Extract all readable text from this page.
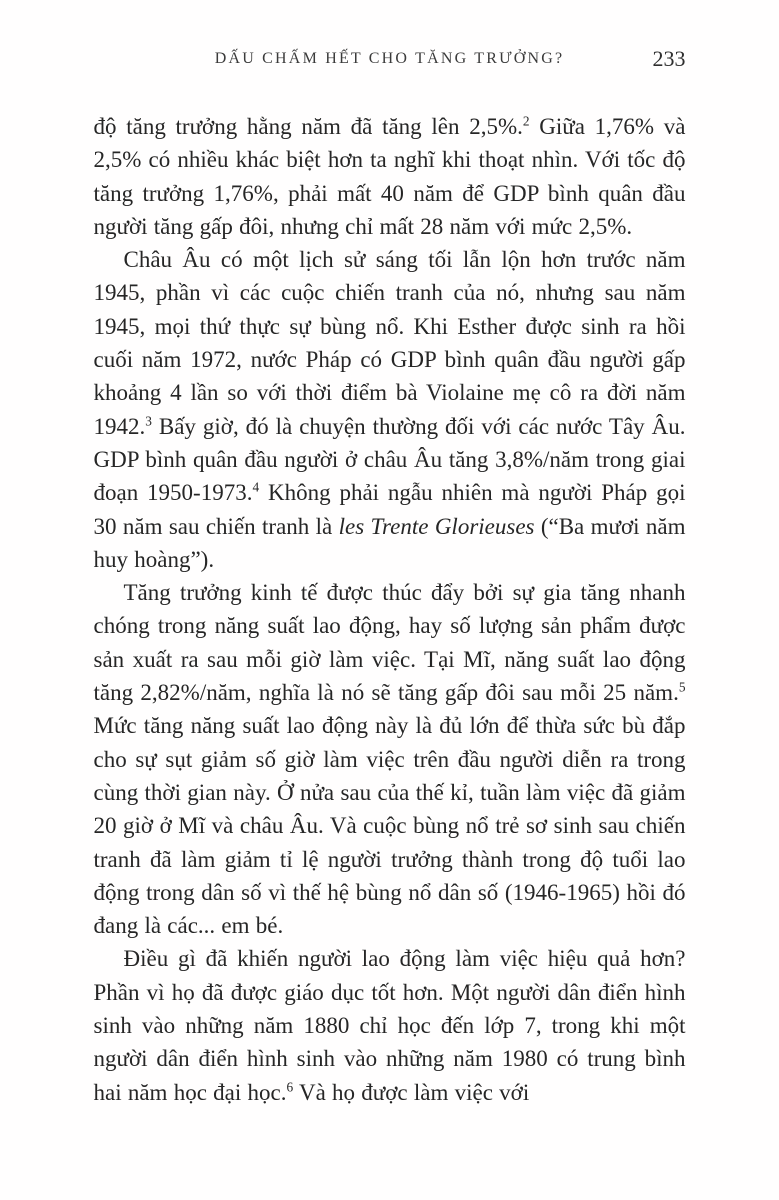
DẤU CHẤM HẾT CHO TĂNG TRƯỞNG?	233

độ tăng trưởng hằng năm đã tăng lên 2,5%.$^2$ Giữa 1,76% và 2,5% có nhiều khác biệt hơn ta nghĩ khi thoạt nhìn. Với tốc độ tăng trưởng 1,76%, phải mất 40 năm để GDP bình quân đầu người tăng gấp đôi, nhưng chỉ mất 28 năm với mức 2,5%.

Châu Âu có một lịch sử sáng tối lẫn lộn hơn trước năm 1945, phần vì các cuộc chiến tranh của nó, nhưng sau năm 1945, mọi thứ thực sự bùng nổ. Khi Esther được sinh ra hồi cuối năm 1972, nước Pháp có GDP bình quân đầu người gấp khoảng 4 lần so với thời điểm bà Violaine mẹ cô ra đời năm 1942.$^3$ Bấy giờ, đó là chuyện thường đối với các nước Tây Âu. GDP bình quân đầu người ở châu Âu tăng 3,8%/năm trong giai đoạn 1950-1973.$^4$ Không phải ngẫu nhiên mà người Pháp gọi 30 năm sau chiến tranh là les Trente Glorieuses (“Ba mươi năm huy hoàng”).

Tăng trưởng kinh tế được thúc đẩy bởi sự gia tăng nhanh chóng trong năng suất lao động, hay số lượng sản phẩm được sản xuất ra sau mỗi giờ làm việc. Tại Mĩ, năng suất lao động tăng 2,82%/năm, nghĩa là nó sẽ tăng gấp đôi sau mỗi 25 năm.$^5$ Mức tăng năng suất lao động này là đủ lớn để thừa sức bù đắp cho sự sụt giảm số giờ làm việc trên đầu người diễn ra trong cùng thời gian này. Ở nửa sau của thế kỉ, tuần làm việc đã giảm 20 giờ ở Mĩ và châu Âu. Và cuộc bùng nổ trẻ sơ sinh sau chiến tranh đã làm giảm tỉ lệ người trưởng thành trong độ tuổi lao động trong dân số vì thế hệ bùng nổ dân số (1946-1965) hồi đó đang là các... em bé.

Điều gì đã khiến người lao động làm việc hiệu quả hơn? Phần vì họ đã được giáo dục tốt hơn. Một người dân điển hình sinh vào những năm 1880 chỉ học đến lớp 7, trong khi một người dân điển hình sinh vào những năm 1980 có trung bình hai năm học đại học.$^6$ Và họ được làm việc với
